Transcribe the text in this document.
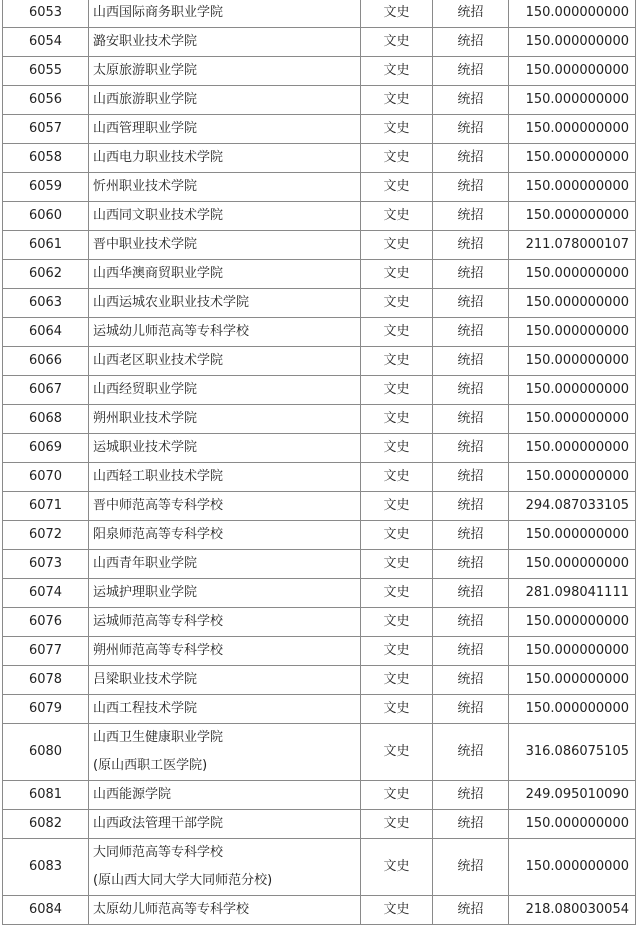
6053	山西国际商务职业学院	文史	统招	150.000000000
6054	潞安职业技术学院	文史	统招	150.000000000
6055	太原旅游职业学院	文史	统招	150.000000000
6056	山西旅游职业学院	文史	统招	150.000000000
6057	山西管理职业学院	文史	统招	150.000000000
6058	山西电力职业技术学院	文史	统招	150.000000000
6059	忻州职业技术学院	文史	统招	150.000000000
6060	山西同文职业技术学院	文史	统招	150.000000000
6061	晋中职业技术学院	文史	统招	211.078000107
6062	山西华澳商贸职业学院	文史	统招	150.000000000
6063	山西运城农业职业技术学院	文史	统招	150.000000000
6064	运城幼儿师范高等专科学校	文史	统招	150.000000000
6066	山西老区职业技术学院	文史	统招	150.000000000
6067	山西经贸职业学院	文史	统招	150.000000000
6068	朔州职业技术学院	文史	统招	150.000000000
6069	运城职业技术学院	文史	统招	150.000000000
6070	山西轻工职业技术学院	文史	统招	150.000000000
6071	晋中师范高等专科学校	文史	统招	294.087033105
6072	阳泉师范高等专科学校	文史	统招	150.000000000
6073	山西青年职业学院	文史	统招	150.000000000
6074	运城护理职业学院	文史	统招	281.098041111
6076	运城师范高等专科学校	文史	统招	150.000000000
6077	朔州师范高等专科学校	文史	统招	150.000000000
6078	吕梁职业技术学院	文史	统招	150.000000000
6079	山西工程技术学院	文史	统招	150.000000000
6080	山西卫生健康职业学院
(原山西职工医学院)	文史	统招	316.086075105
6081	山西能源学院	文史	统招	249.095010090
6082	山西政法管理干部学院	文史	统招	150.000000000
6083	大同师范高等专科学校
(原山西大同大学大同师范分校)	文史	统招	150.000000000
6084	太原幼儿师范高等专科学校	文史	统招	218.080030054
